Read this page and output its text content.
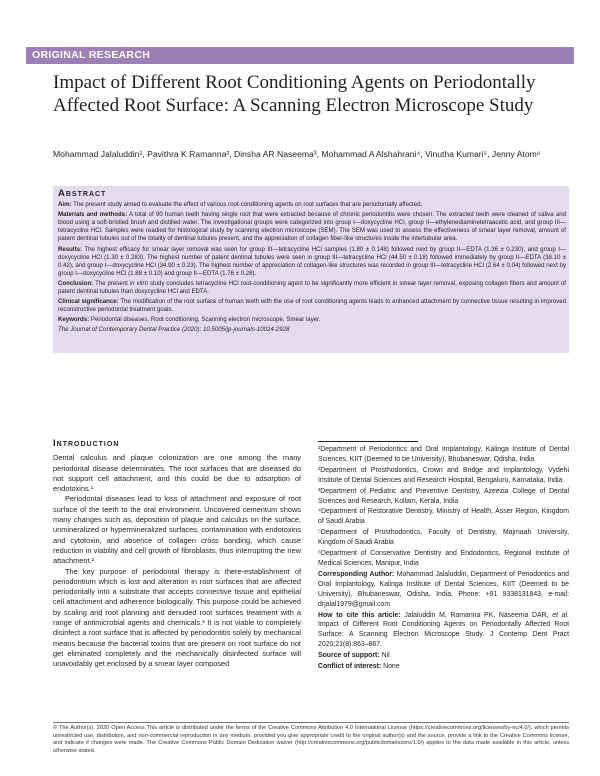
ORIGINAL RESEARCH
Impact of Different Root Conditioning Agents on Periodontally Affected Root Surface: A Scanning Electron Microscope Study
Mohammad Jalaluddin¹, Pavithra K Ramanna², Dinsha AR Naseema³, Mohammad A Alshahrani⁴, Vinutha Kumari⁵, Jenny Atom⁶
Abstract

Aim: The present study aimed to evaluate the effect of various root-conditioning agents on root surfaces that are periodontally affected.

Materials and methods: A total of 90 human teeth having single root that were extracted because of chronic periodontitis were chosen. The extracted teeth were cleaned of saliva and blood using a soft-bristled brush and distilled water. The investigational groups were categorized into group I—doxycycline HCl, group II—ethylenediaminetetraacetic acid, and group III—tetracycline HCl. Samples were readied for histological study by scanning electron microscope (SEM). The SEM was used to assess the effectiveness of smear layer removal, amount of patent dentinal tubules out of the totality of dentinal tubules present, and the appreciation of collagen fiber-like structures inside the intertubular area.

Results: The highest efficacy for smear layer removal was seen for group III—tetracycline HCl samples (1.80 ± 0.148) followed next by group II—EDTA (1.36 ± 0.230), and group I—doxycycline HCl (1.30 ± 0.283). The highest number of patent dentinal tubules were seen in group III—tetracycline HCl (44.50 ± 0.18) followed immediately by group II—EDTA (38.10 ± 0.42), and group I—doxycycline HCl (34.90 ± 0.23). The highest number of appreciation of collagen-like structures was recorded in group III—tetracycline HCl (2.64 ± 0.04) followed next by group I—doxycycline HCl (1.88 ± 0.10) and group II—EDTA (1.76 ± 0.28).

Conclusion: The present in vitro study concludes tetracycline HCl root-conditioning agent to be significantly more efficient in smear layer removal, exposing collagen fibers and amount of patent dentinal tubules than doxycycline HCl and EDTA.

Clinical significance: The modification of the root surface of human teeth with the use of root conditioning agents leads to enhanced attachment by connective tissue resulting in improved reconstructive periodontal treatment goals.

Keywords: Periodontal diseases, Root conditioning, Scanning electron microscope, Smear layer.

The Journal of Contemporary Dental Practice (2020): 10.5005/jp-journals-10024-2928

Introduction

Dental calculus and plaque colonization are one among the many periodontal disease determinates. The root surfaces that are diseased do not support cell attachment, and this could be due to adsorption of endotoxins.¹

Periodontal diseases lead to loss of attachment and exposure of root surface of the teeth to the oral environment. Uncovered cementum shows many changes such as, deposition of plaque and calculus on the surface, unmineralized or hypermineralized surfaces, contamination with endotoxins and cytotoxin, and absence of collagen cross banding, which cause reduction in viability and cell growth of fibroblasts, thus interrupting the new attachment.²

The key purpose of periodontal therapy is there-establishment of periodontium which is lost and alteration in root surfaces that are affected periodontally into a substrate that accepts connective tissue and epithelial cell attachment and adherence biologically. This purpose could be achieved by scaling and root planning and denuded root surfaces treatment with a range of antimicrobial agents and chemicals.³ It is not viable to completely disinfect a root surface that is affected by periodontitis solely by mechanical means because the bacterial toxins that are present on root surface do not get eliminated completely and the mechanically disinfected surface will unavoidably get enclosed by a smear layer composed

¹Department of Periodontics and Oral Implantology, Kalinga Institute of Dental Sciences, KIIT (Deemed to be University), Bhubaneswar, Odisha, India

²Department of Prosthodontics, Crown and Bridge and Implantology, Vydehi Institute of Dental Sciences and Research Hospital, Bengaluru, Karnataka, India

³Department of Pediatric and Preventive Dentistry, Azeezia College of Dental Sciences and Research, Kollam, Kerala, India

⁴Department of Restorative Dentistry, Ministry of Health, Asser Region, Kingdom of Saudi Arabia

⁵Department of Prosthodontics, Faculty of Dentistry, Majmaah University, Kingdom of Saudi Arabia

⁶Department of Conservative Dentistry and Endodontics, Regional Institute of Medical Sciences, Manipur, India

Corresponding Author: Mohammad Jalaluddin, Department of Periodontics and Oral Implantology, Kalinga Institute of Dental Sciences, KIIT (Deemed to be University), Bhubaneswar, Odisha, India, Phone: +91 9338131843, e-mail: drjalal1979@gmail.com

How to cite this article: Jalaluddin M, Ramanna PK, Naseema DAR, et al. Impact of Different Root Conditioning Agents on Periodontally Affected Root Surface: A Scanning Electron Microscope Study. J Contemp Dent Pract 2020;21(8):863–867.

Source of support: Nil

Conflict of interest: None

© The Author(s). 2020 Open Access This article is distributed under the terms of the Creative Commons Attribution 4.0 International License (https://creativecommons.org/licenses/by-nc/4.0/), which permits unrestricted use, distribution, and non-commercial reproduction in any medium, provided you give appropriate credit to the original author(s) and the source, provide a link to the Creative Commons license, and indicate if changes were made. The Creative Commons Public Domain Dedication waiver (http://creativecommons.org/publicdomain/zero/1.0/) applies to the data made available in this article, unless otherwise stated.
